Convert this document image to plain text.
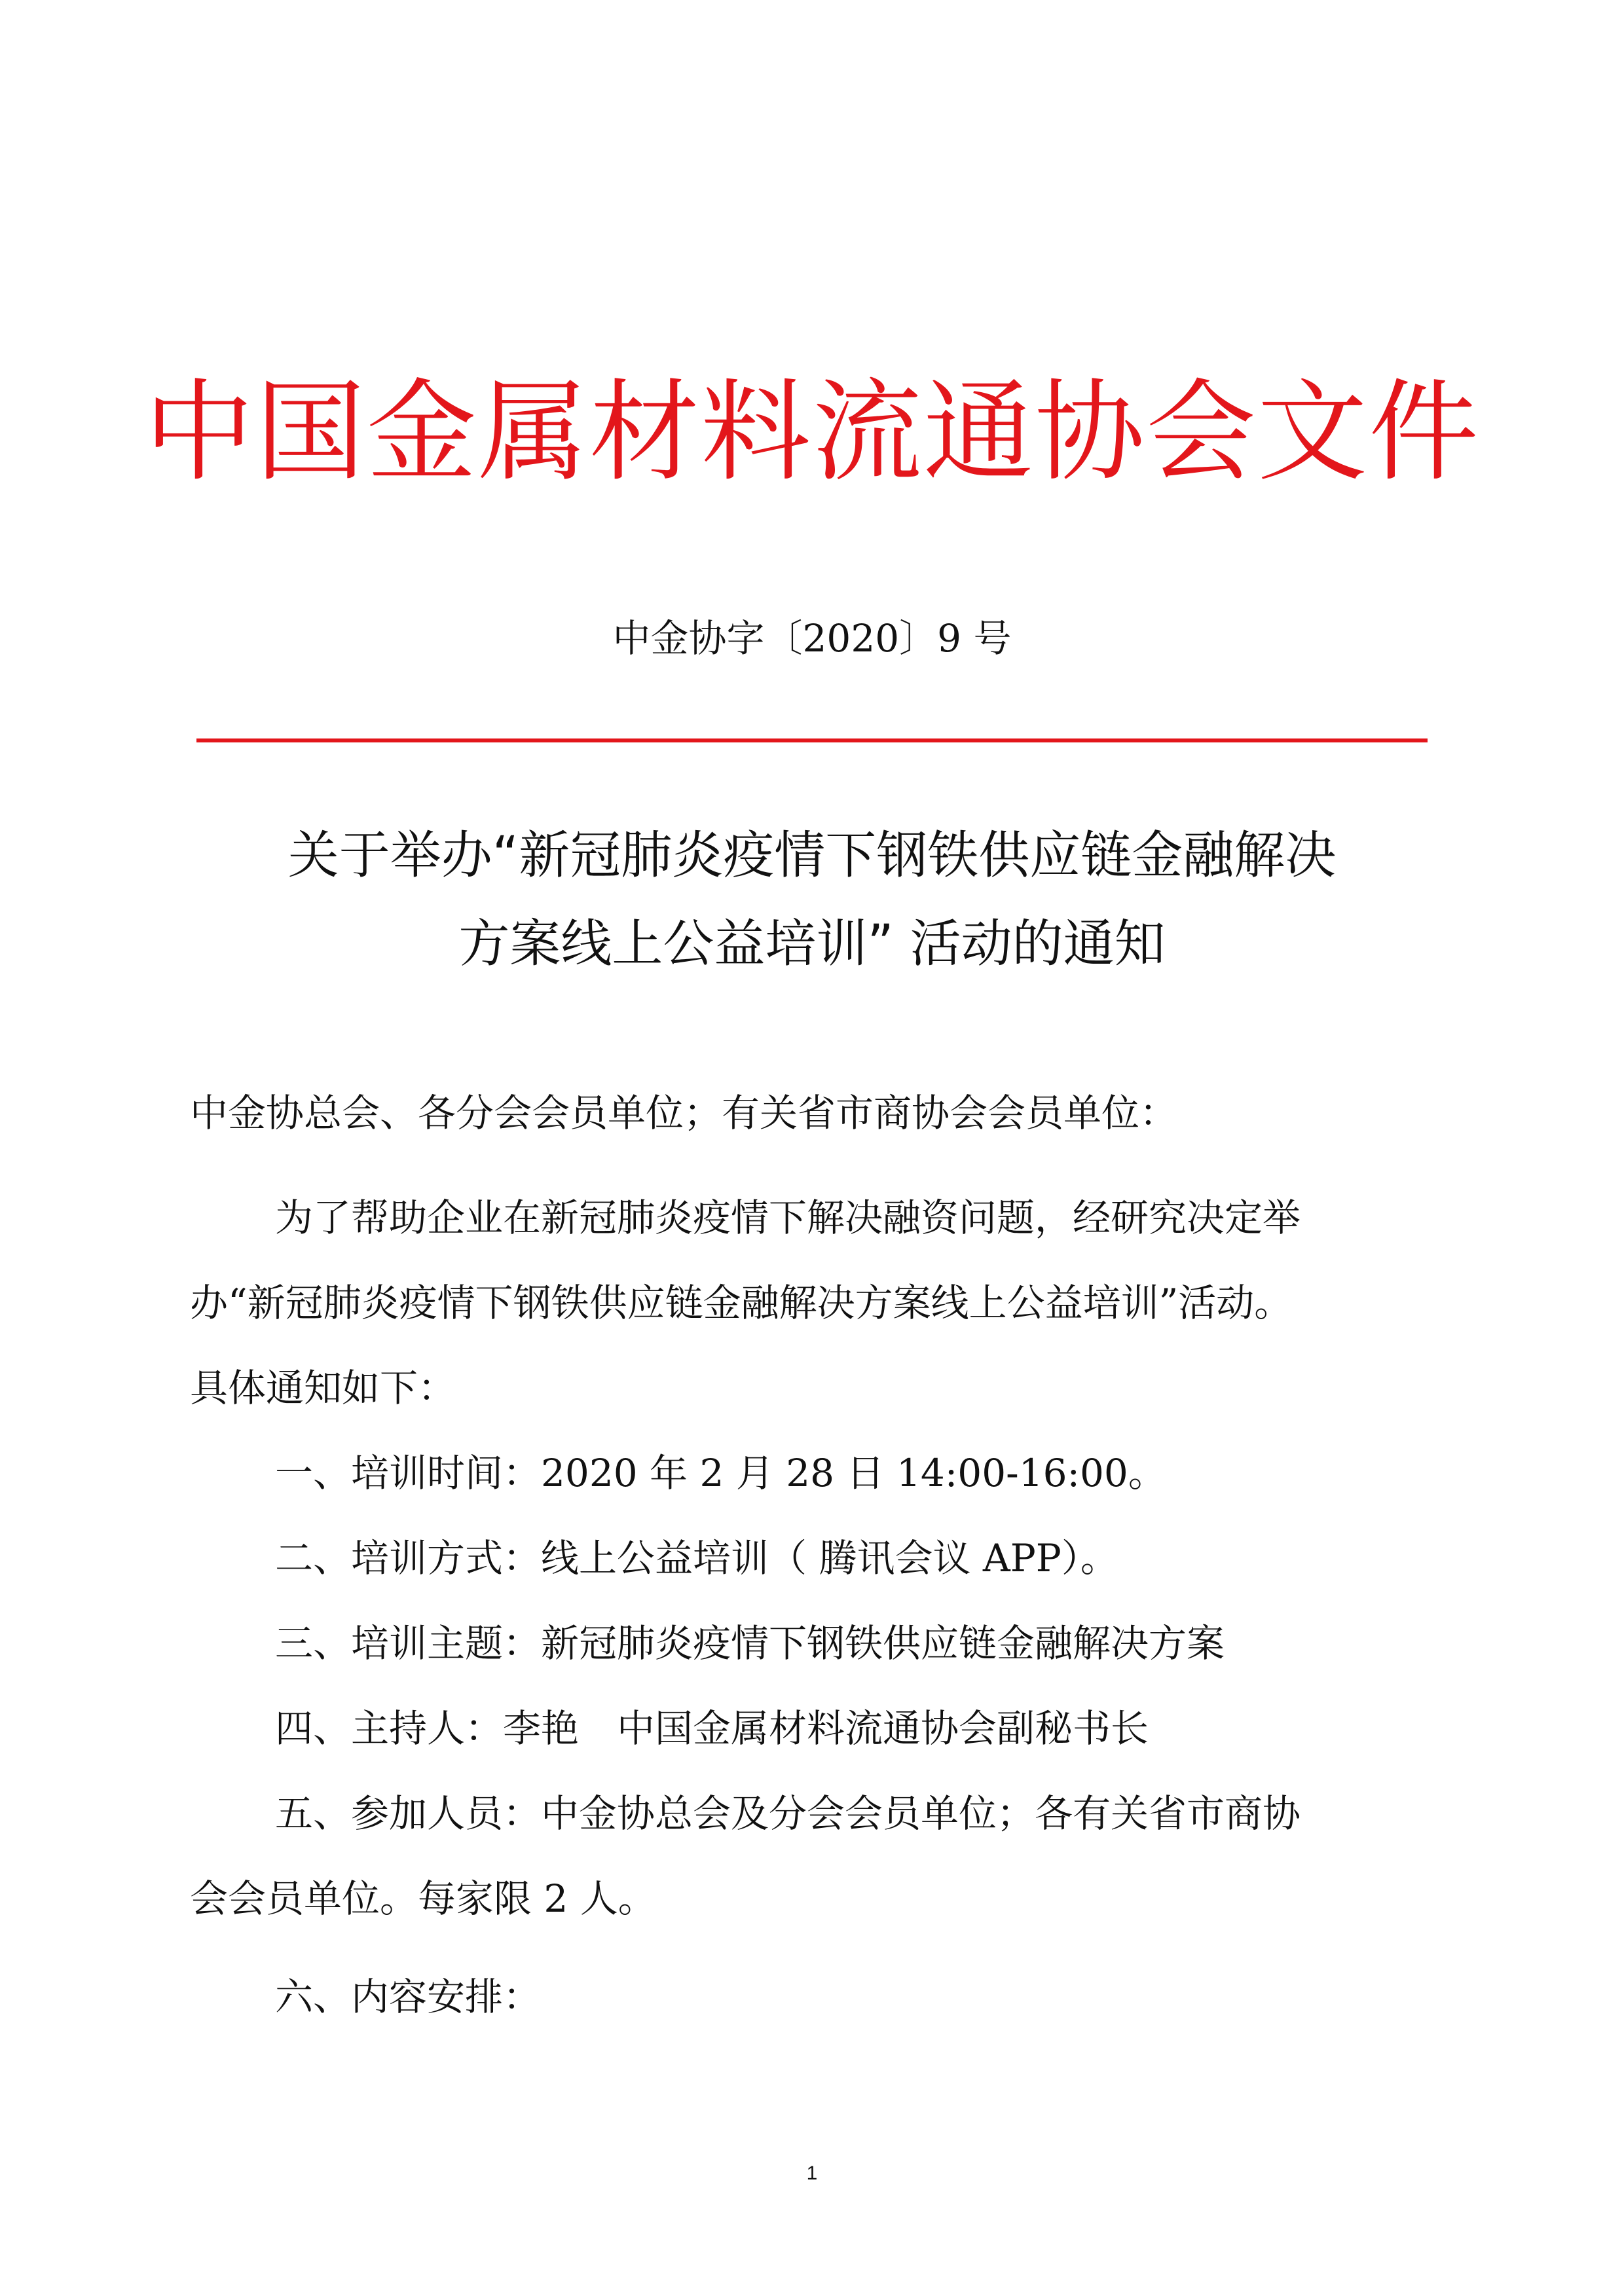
中国金属材料流通协会文件
中金协字〔2020〕9 号
关于举办“新冠肺炎疫情下钢铁供应链金融解决
方案线上公益培训” 活动的通知
中金协总会、各分会会员单位；有关省市商协会会员单位：
为了帮助企业在新冠肺炎疫情下解决融资问题，经研究决定举
办“新冠肺炎疫情下钢铁供应链金融解决方案线上公益培训”活动。
具体通知如下：
一、培训时间：2020 年 2 月 28 日 14:00-16:00。
二、培训方式：线上公益培训（ 腾讯会议 APP）。
三、培训主题：新冠肺炎疫情下钢铁供应链金融解决方案
四、主持人：李艳 中国金属材料流通协会副秘书长
五、参加人员：中金协总会及分会会员单位；各有关省市商协
会会员单位。每家限 2 人。
六、内容安排：
1
